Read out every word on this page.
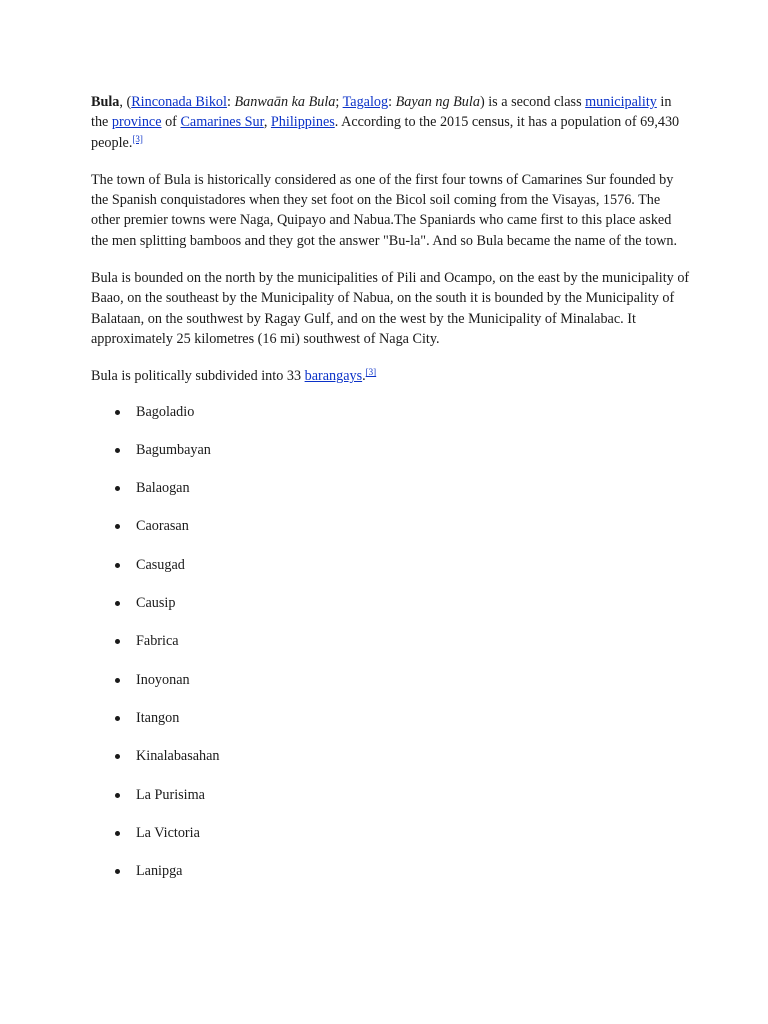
Bula, (Rinconada Bikol: Banwaān ka Bula; Tagalog: Bayan ng Bula) is a second class municipality in the province of Camarines Sur, Philippines. According to the 2015 census, it has a population of 69,430 people.[3]

The town of Bula is historically considered as one of the first four towns of Camarines Sur founded by the Spanish conquistadores when they set foot on the Bicol soil coming from the Visayas, 1576. The other premier towns were Naga, Quipayo and Nabua.The Spaniards who came first to this place asked the men splitting bamboos and they got the answer "Bu-la". And so Bula became the name of the town.

Bula is bounded on the north by the municipalities of Pili and Ocampo, on the east by the municipality of Baao, on the southeast by the Municipality of Nabua, on the south it is bounded by the Municipality of Balataan, on the southwest by Ragay Gulf, and on the west by the Municipality of Minalabac. It approximately 25 kilometres (16 mi) southwest of Naga City.

Bula is politically subdivided into 33 barangays.[3]

Bagoladio
Bagumbayan
Balaogan
Caorasan
Casugad
Causip
Fabrica
Inoyonan
Itangon
Kinalabasahan
La Purisima
La Victoria
Lanipga
